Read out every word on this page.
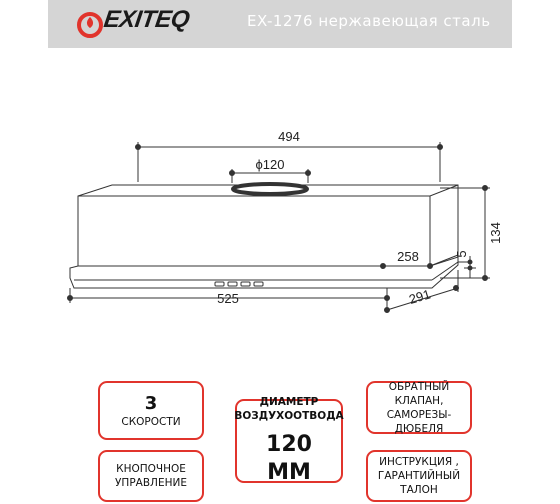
EXITEQ	EX-1276 нержавеющая сталь
494
ϕ120
134
258	5
525	291
3
СКОРОСТИ
КНОПОЧНОЕ УПРАВЛЕНИЕ
ДИАМЕТР ВОЗДУХООТВОДА
120 ММ
ОБРАТНЫЙ КЛАПАН, САМОРЕЗЫ-ДЮБЕЛЯ
ИНСТРУКЦИЯ , ГАРАНТИЙНЫЙ ТАЛОН
